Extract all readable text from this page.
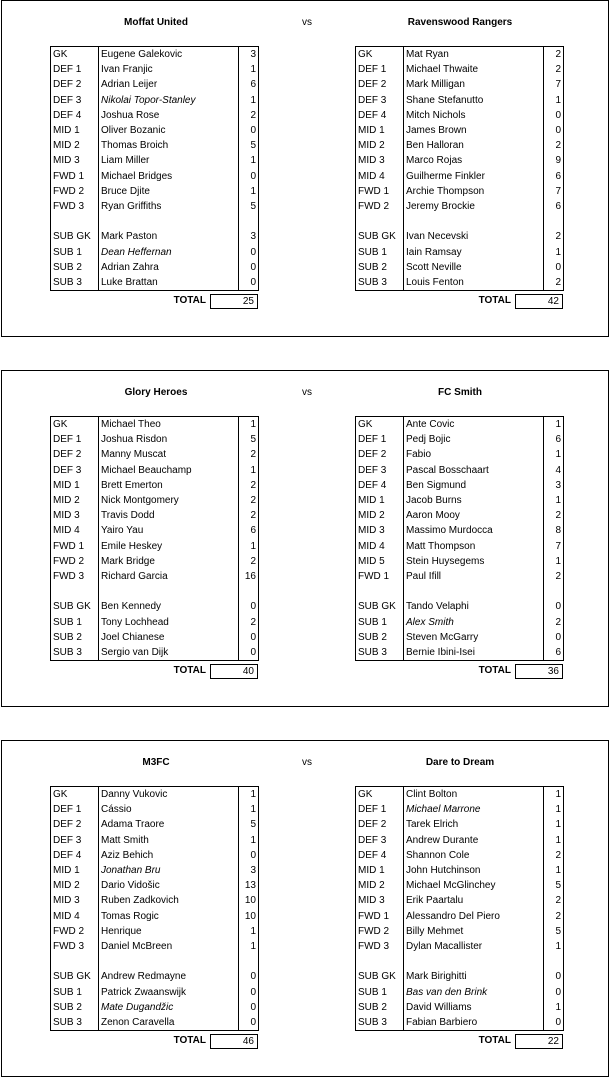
Moffat United	vs	Ravenswood Rangers
GK	Eugene Galekovic	3
DEF 1	Ivan Franjic	1
DEF 2	Adrian Leijer	6
DEF 3	Nikolai Topor-Stanley	1
DEF 4	Joshua Rose	2
MID 1	Oliver Bozanic	0
MID 2	Thomas Broich	5
MID 3	Liam Miller	1
FWD 1	Michael Bridges	0
FWD 2	Bruce Djite	1
FWD 3	Ryan Griffiths	5

SUB GK	Mark Paston	3
SUB 1	Dean Heffernan	0
SUB 2	Adrian Zahra	0
SUB 3	Luke Brattan	0
TOTAL	25
GK	Mat Ryan	2
DEF 1	Michael Thwaite	2
DEF 2	Mark Milligan	7
DEF 3	Shane Stefanutto	1
DEF 4	Mitch Nichols	0
MID 1	James Brown	0
MID 2	Ben Halloran	2
MID 3	Marco Rojas	9
MID 4	Guilherme Finkler	6
FWD 1	Archie Thompson	7
FWD 2	Jeremy Brockie	6

SUB GK	Ivan Necevski	2
SUB 1	Iain Ramsay	1
SUB 2	Scott Neville	0
SUB 3	Louis Fenton	2
TOTAL	42
Glory Heroes	vs	FC Smith
GK	Michael Theo	1
DEF 1	Joshua Risdon	5
DEF 2	Manny Muscat	2
DEF 3	Michael Beauchamp	1
MID 1	Brett Emerton	2
MID 2	Nick Montgomery	2
MID 3	Travis Dodd	2
MID 4	Yairo Yau	6
FWD 1	Emile Heskey	1
FWD 2	Mark Bridge	2
FWD 3	Richard Garcia	16

SUB GK	Ben Kennedy	0
SUB 1	Tony Lochhead	2
SUB 2	Joel Chianese	0
SUB 3	Sergio van Dijk	0
TOTAL	40
GK	Ante Covic	1
DEF 1	Pedj Bojic	6
DEF 2	Fabio	1
DEF 3	Pascal Bosschaart	4
DEF 4	Ben Sigmund	3
MID 1	Jacob Burns	1
MID 2	Aaron Mooy	2
MID 3	Massimo Murdocca	8
MID 4	Matt Thompson	7
MID 5	Stein Huysegems	1
FWD 1	Paul Ifill	2

SUB GK	Tando Velaphi	0
SUB 1	Alex Smith	2
SUB 2	Steven McGarry	0
SUB 3	Bernie Ibini-Isei	6
TOTAL	36
M3FC	vs	Dare to Dream
GK	Danny Vukovic	1
DEF 1	Cássio	1
DEF 2	Adama Traore	5
DEF 3	Matt Smith	1
DEF 4	Aziz Behich	0
MID 1	Jonathan Bru	3
MID 2	Dario Vidošic	13
MID 3	Ruben Zadkovich	10
MID 4	Tomas Rogic	10
FWD 2	Henrique	1
FWD 3	Daniel McBreen	1

SUB GK	Andrew Redmayne	0
SUB 1	Patrick Zwaanswijk	0
SUB 2	Mate Dugandžic	0
SUB 3	Zenon Caravella	0
TOTAL	46
GK	Clint Bolton	1
DEF 1	Michael Marrone	1
DEF 2	Tarek Elrich	1
DEF 3	Andrew Durante	1
DEF 4	Shannon Cole	2
MID 1	John Hutchinson	1
MID 2	Michael McGlinchey	5
MID 3	Erik Paartalu	2
FWD 1	Alessandro Del Piero	2
FWD 2	Billy Mehmet	5
FWD 3	Dylan Macallister	1

SUB GK	Mark Birighitti	0
SUB 1	Bas van den Brink	0
SUB 2	David Williams	1
SUB 3	Fabian Barbiero	0
TOTAL	22
